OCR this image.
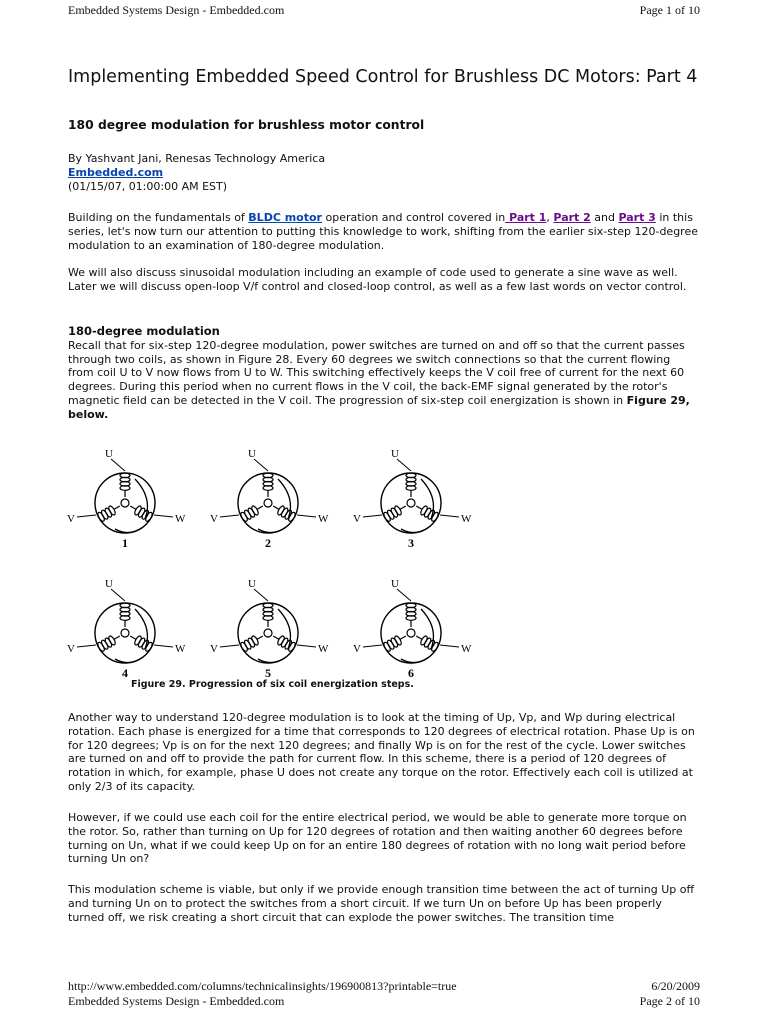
Embedded Systems Design - Embedded.com	Page 1 of 10
Implementing Embedded Speed Control for Brushless DC Motors: Part 4
180 degree modulation for brushless motor control
By Yashvant Jani, Renesas Technology America
Embedded.com
(01/15/07, 01:00:00 AM EST)

Building on the fundamentals of BLDC motor operation and control covered in Part 1, Part 2 and Part 3 in this series, let's now turn our attention to putting this knowledge to work, shifting from the earlier six-step 120-degree modulation to an examination of 180-degree modulation.

We will also discuss sinusoidal modulation including an example of code used to generate a sine wave as well. Later we will discuss open-loop V/f control and closed-loop control, as well as a few last words on vector control.

180-degree modulation

Recall that for six-step 120-degree modulation, power switches are turned on and off so that the current passes through two coils, as shown in Figure 28. Every 60 degrees we switch connections so that the current flowing from coil U to V now flows from U to W. This switching effectively keeps the V coil free of current for the next 60 degrees. During this period when no current flows in the V coil, the back-EMF signal generated by the rotor's magnetic field can be detected in the V coil. The progression of six-step coil energization is shown in Figure 29, below.

U
V	W
1
U
V	W
2
U
V	W
3
U
V	W
4
U
V	W
5
U
V	W
6
Figure 29. Progression of six coil energization steps.

Another way to understand 120-degree modulation is to look at the timing of Up, Vp, and Wp during electrical rotation. Each phase is energized for a time that corresponds to 120 degrees of electrical rotation. Phase Up is on for 120 degrees; Vp is on for the next 120 degrees; and finally Wp is on for the rest of the cycle. Lower switches are turned on and off to provide the path for current flow. In this scheme, there is a period of 120 degrees of rotation in which, for example, phase U does not create any torque on the rotor. Effectively each coil is utilized at only 2/3 of its capacity.

However, if we could use each coil for the entire electrical period, we would be able to generate more torque on the rotor. So, rather than turning on Up for 120 degrees of rotation and then waiting another 60 degrees before turning on Un, what if we could keep Up on for an entire 180 degrees of rotation with no long wait period before turning Un on?

This modulation scheme is viable, but only if we provide enough transition time between the act of turning Up off and turning Un on to protect the switches from a short circuit. If we turn Un on before Up has been properly turned off, we risk creating a short circuit that can explode the power switches. The transition time

http://www.embedded.com/columns/technicalinsights/196900813?printable=true	6/20/2009
Embedded Systems Design - Embedded.com	Page 2 of 10
